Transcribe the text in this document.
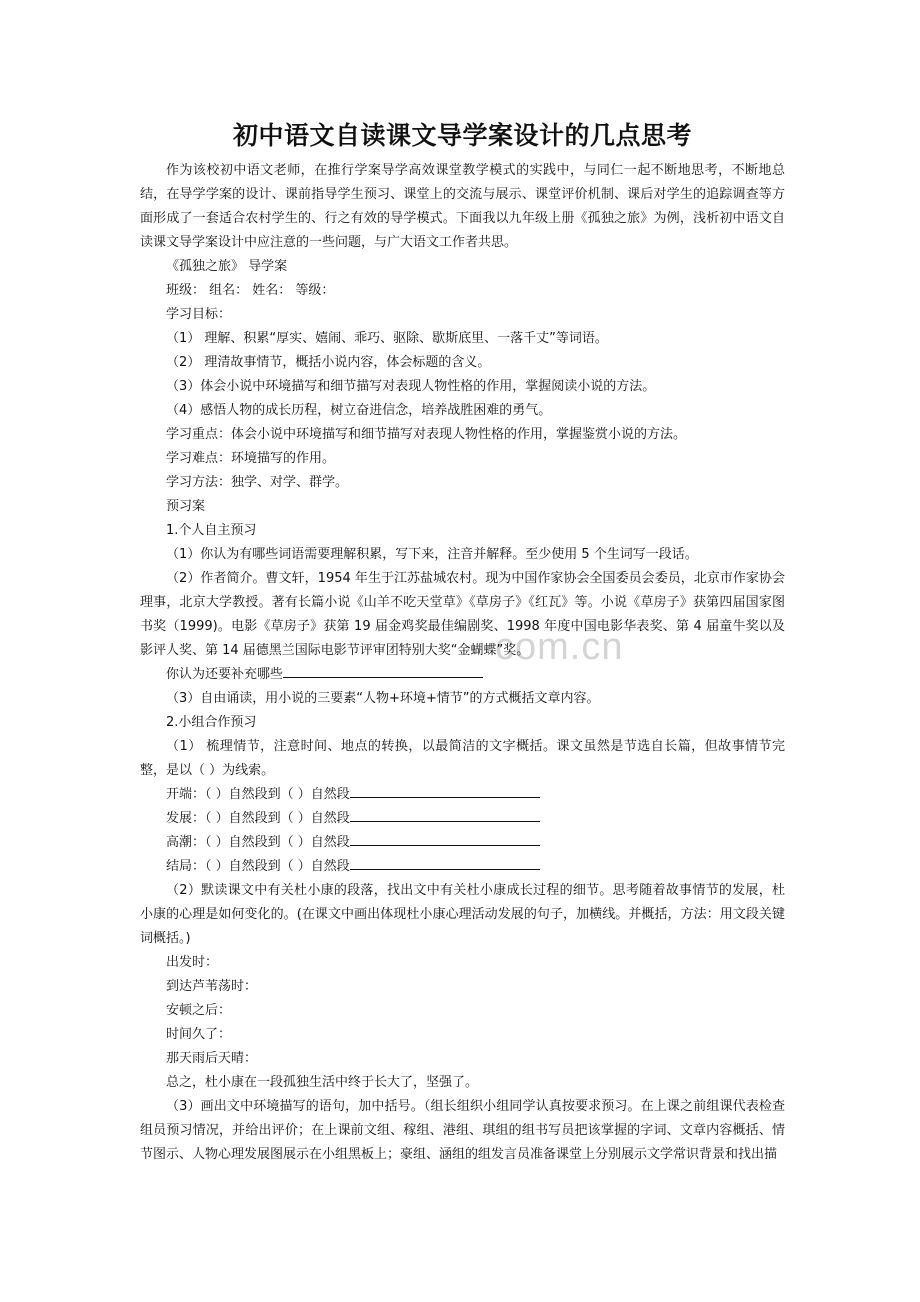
com.cn
初中语文自读课文导学案设计的几点思考

作为该校初中语文老师，在推行学案导学高效课堂教学模式的实践中，与同仁一起不断地思考，不断地总结，在导学学案的设计、课前指导学生预习、课堂上的交流与展示、课堂评价机制、课后对学生的追踪调查等方面形成了一套适合农村学生的、行之有效的导学模式。下面我以九年级上册《孤独之旅》为例，浅析初中语文自读课文导学案设计中应注意的一些问题，与广大语文工作者共思。

《孤独之旅》 导学案

班级： 组名： 姓名： 等级：

学习目标：

（1） 理解、积累“厚实、嬉闹、乖巧、驱除、歇斯底里、一落千丈”等词语。

（2） 理清故事情节，概括小说内容，体会标题的含义。

（3）体会小说中环境描写和细节描写对表现人物性格的作用，掌握阅读小说的方法。

（4）感悟人物的成长历程，树立奋进信念，培养战胜困难的勇气。

学习重点：体会小说中环境描写和细节描写对表现人物性格的作用，掌握鉴赏小说的方法。

学习难点：环境描写的作用。

学习方法：独学、对学、群学。

预习案

1.个人自主预习

（1）你认为有哪些词语需要理解积累，写下来，注音并解释。至少使用 5 个生词写一段话。

（2）作者简介。曹文轩，1954 年生于江苏盐城农村。现为中国作家协会全国委员会委员，北京市作家协会理事，北京大学教授。著有长篇小说《山羊不吃天堂草》《草房子》《红瓦》等。小说《草房子》获第四届国家图书奖（1999)。电影《草房子》获第 19 届金鸡奖最佳编剧奖、1998 年度中国电影华表奖、第 4 届童牛奖以及影评人奖、第 14 届德黑兰国际电影节评审团特别大奖“金蝴蝶”奖。

你认为还要补充哪些

（3）自由诵读，用小说的三要素“人物+环境+情节”的方式概括文章内容。

2.小组合作预习

（1） 梳理情节，注意时间、地点的转换，以最简洁的文字概括。课文虽然是节选自长篇，但故事情节完整，是以（ ）为线索。

开端：（ ）自然段到（ ）自然段

发展：（ ）自然段到（ ）自然段

高潮：（ ）自然段到（ ）自然段

结局：（ ）自然段到（ ）自然段

（2）默读课文中有关杜小康的段落，找出文中有关杜小康成长过程的细节。思考随着故事情节的发展，杜小康的心理是如何变化的。(在课文中画出体现杜小康心理活动发展的句子，加横线。并概括，方法：用文段关键词概括。)

出发时：

到达芦苇荡时：

安顿之后：

时间久了：

那天雨后天晴：

总之，杜小康在一段孤独生活中终于长大了，坚强了。

（3）画出文中环境描写的语句，加中括号。（组长组织小组同学认真按要求预习。在上课之前组课代表检查组员预习情况，并给出评价；在上课前文组、稼组、港组、琪组的组书写员把该掌握的字词、文章内容概括、情节图示、人物心理发展图展示在小组黑板上；豪组、涵组的组发言员准备课堂上分别展示文学常识背景和找出描
